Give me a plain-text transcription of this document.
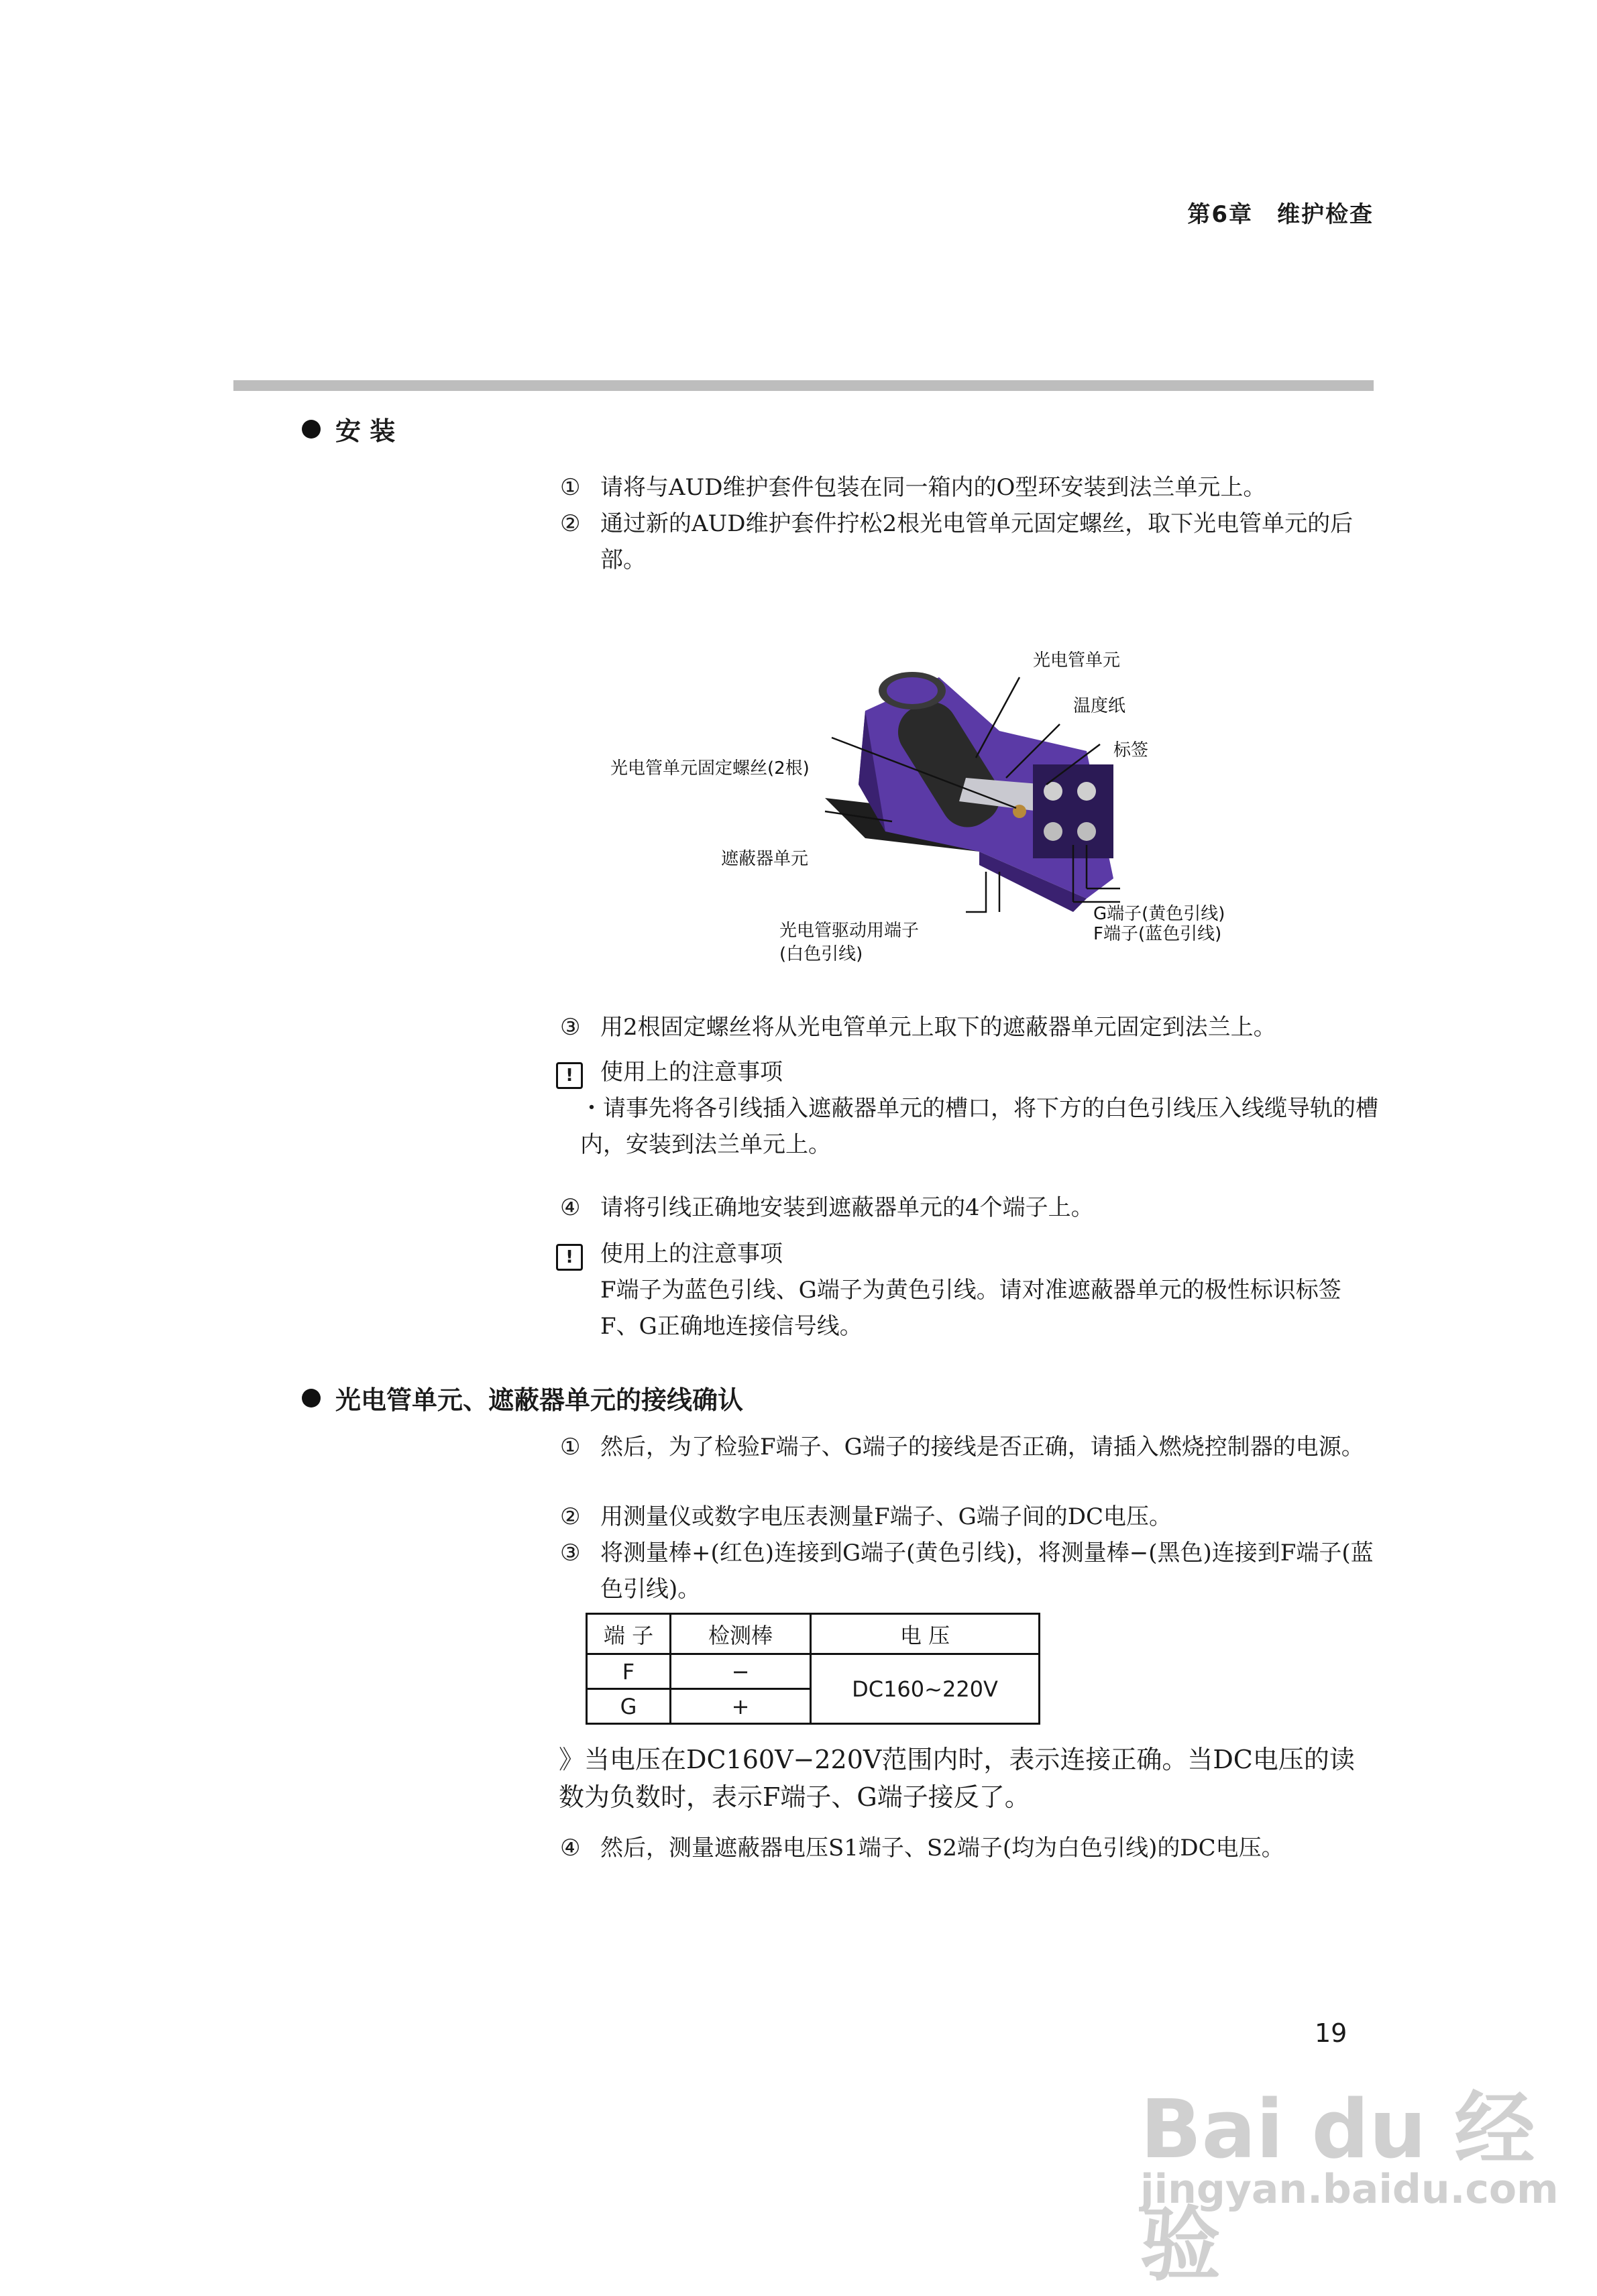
第6章　维护检查
安 装
① 请将与AUD维护套件包装在同一箱内的O型环安装到法兰单元上。
② 通过新的AUD维护套件拧松2根光电管单元固定螺丝，取下光电管单元的后部。
光电管单元
温度纸
标签
光电管单元固定螺丝(2根)
遮蔽器单元
光电管驱动用端子
(白色引线)
G端子(黄色引线)
F端子(蓝色引线)
③ 用2根固定螺丝将从光电管单元上取下的遮蔽器单元固定到法兰上。
!	使用上的注意事项
・请事先将各引线插入遮蔽器单元的槽口，将下方的白色引线压入线缆导轨的槽内，安装到法兰单元上。
④ 请将引线正确地安装到遮蔽器单元的4个端子上。
!	使用上的注意事项
F端子为蓝色引线、G端子为黄色引线。请对准遮蔽器单元的极性标识标签F、G正确地连接信号线。
光电管单元、遮蔽器单元的接线确认
① 然后，为了检验F端子、G端子的接线是否正确，请插入燃烧控制器的电源。
② 用测量仪或数字电压表测量F端子、G端子间的DC电压。
③ 将测量棒+(红色)连接到G端子(黄色引线)，将测量棒−(黑色)连接到F端子(蓝色引线)。
端 子	检测棒	电 压
F	−	DC160~220V
G	+	
》当电压在DC160V−220V范围内时，表示连接正确。当DC电压的读数为负数时，表示F端子、G端子接反了。
④ 然后，测量遮蔽器电压S1端子、S2端子(均为白色引线)的DC电压。
19
Bai du 经验
jingyan.baidu.com
